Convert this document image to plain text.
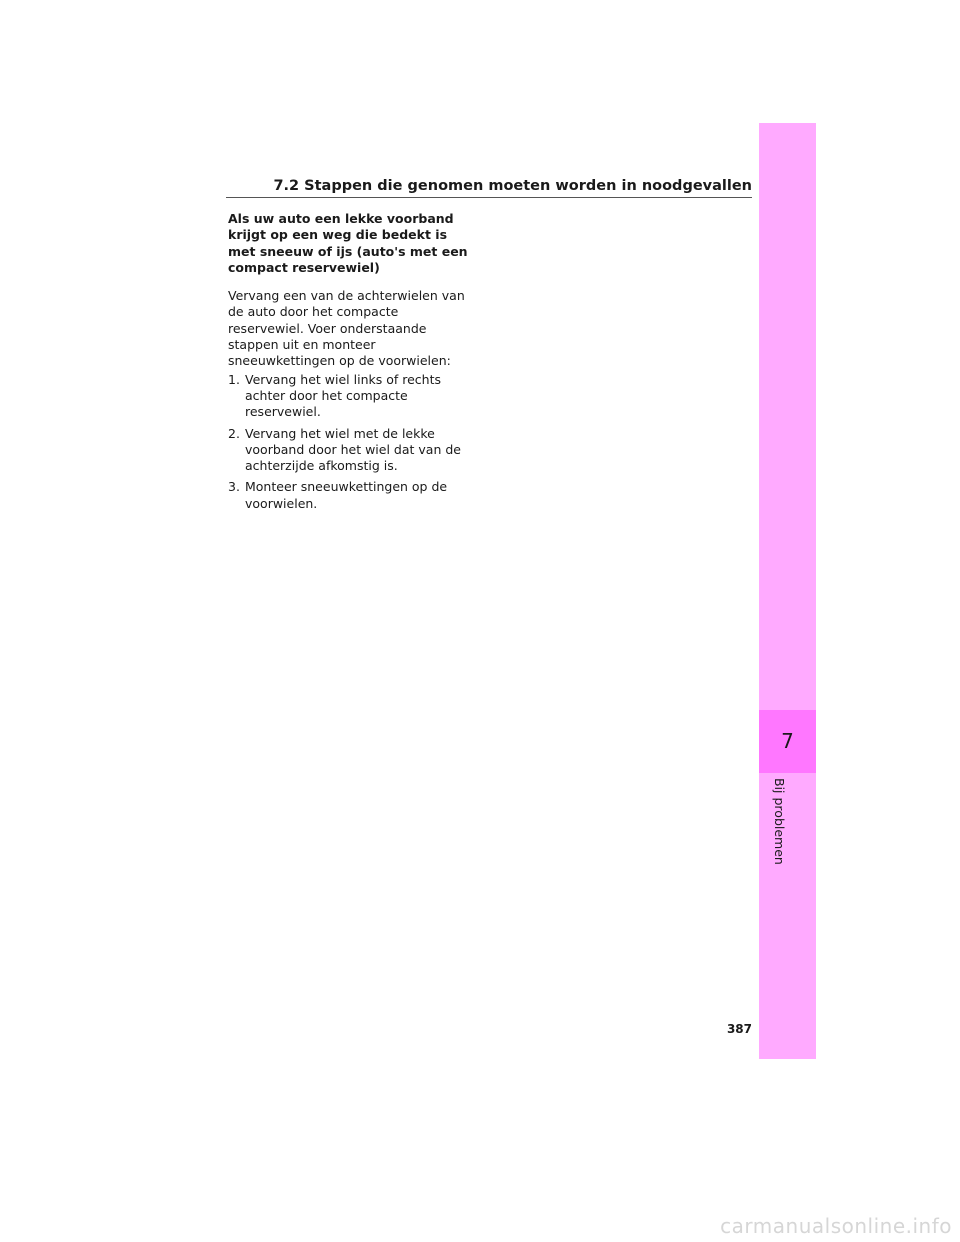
7.2 Stappen die genomen moeten worden in noodgevallen

Als uw auto een lekke voorband krijgt op een weg die bedekt is met sneeuw of ijs (auto's met een compact reservewiel)

Vervang een van de achterwielen van de auto door het compacte reservewiel. Voer onderstaande stappen uit en monteer sneeuwkettingen op de voorwielen:

1. Vervang het wiel links of rechts achter door het compacte reservewiel.
2. Vervang het wiel met de lekke voorband door het wiel dat van de achterzijde afkomstig is.
3. Monteer sneeuwkettingen op de voorwielen.
7
Bij problemen
387
carmanualsonline.info
